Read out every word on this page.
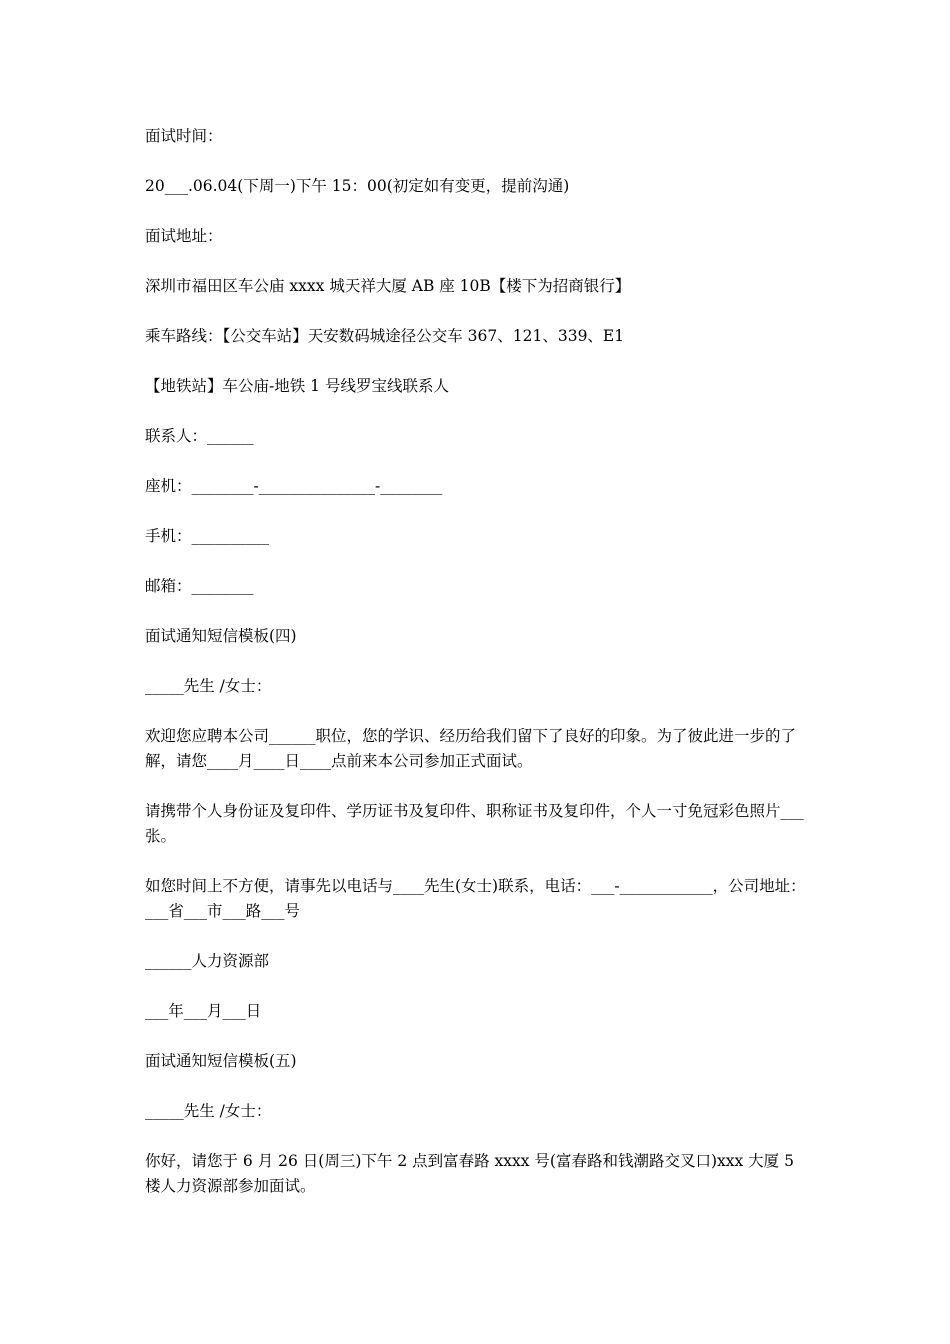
面试时间：

20___.06.04(下周一)下午 15：00(初定如有变更，提前沟通)

面试地址：

深圳市福田区车公庙 xxxx 城天祥大厦 AB 座 10B【楼下为招商银行】

乘车路线：【公交车站】天安数码城途径公交车 367、121、339、E1

【地铁站】车公庙-地铁 1 号线罗宝线联系人

联系人：______

座机：________-_______________-________

手机：__________

邮箱：________

面试通知短信模板(四)

_____先生 /女士：

欢迎您应聘本公司______职位，您的学识、经历给我们留下了良好的印象。为了彼此进一步的了解，请您____月____日____点前来本公司参加正式面试。

请携带个人身份证及复印件、学历证书及复印件、职称证书及复印件，个人一寸免冠彩色照片___张。

如您时间上不方便，请事先以电话与____先生(女士)联系，电话：___-____________，公司地址：___省___市___路___号

______人力资源部

___年___月___日

面试通知短信模板(五)

_____先生 /女士：

你好，请您于 6 月 26 日(周三)下午 2 点到富春路 xxxx 号(富春路和钱潮路交叉口)xxx 大厦 5 楼人力资源部参加面试。
